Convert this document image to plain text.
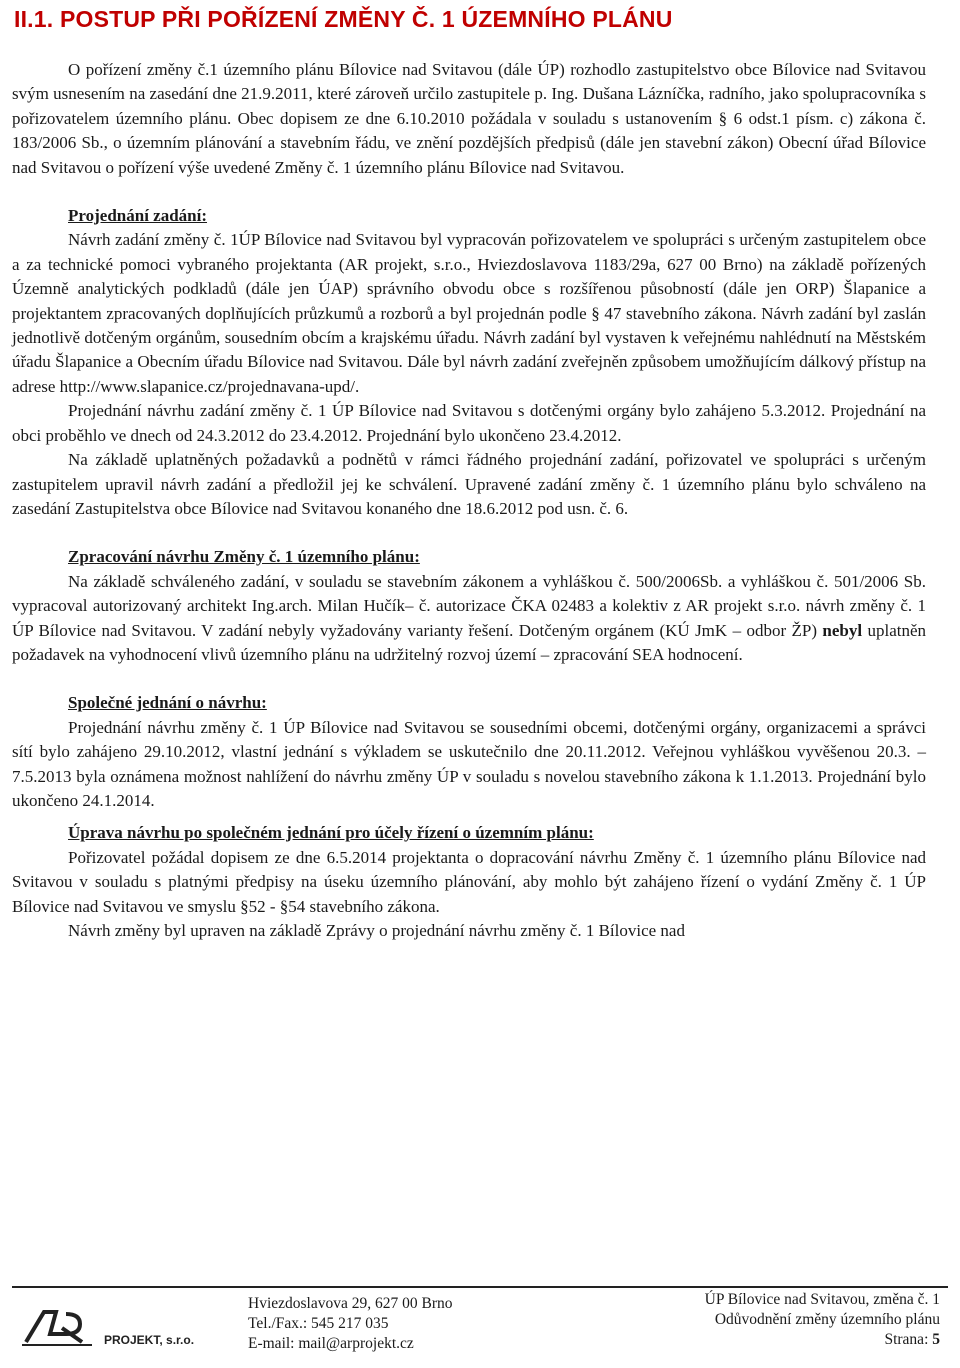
II.1. POSTUP PŘI POŘÍZENÍ ZMĚNY Č. 1 ÚZEMNÍHO PLÁNU

O pořízení změny č.1 územního plánu Bílovice nad Svitavou (dále ÚP) rozhodlo zastupitelstvo obce Bílovice nad Svitavou svým usnesením na zasedání dne 21.9.2011, které zároveň určilo zastupitele p. Ing. Dušana Lázníčka, radního, jako spolupracovníka s pořizovatelem územního plánu. Obec dopisem ze dne 6.10.2010 požádala v souladu s ustanovením § 6 odst.1 písm. c) zákona č. 183/2006 Sb., o územním plánování a stavebním řádu, ve znění pozdějších předpisů (dále jen stavební zákon) Obecní úřad Bílovice nad Svitavou o pořízení výše uvedené Změny č. 1 územního plánu Bílovice nad Svitavou.

Projednání zadání:

Návrh zadání změny č. 1ÚP Bílovice nad Svitavou byl vypracován pořizovatelem ve spolupráci s určeným zastupitelem obce a za technické pomoci vybraného projektanta (AR projekt, s.r.o., Hviezdoslavova 1183/29a, 627 00 Brno) na základě pořízených Územně analytických podkladů (dále jen ÚAP) správního obvodu obce s rozšířenou působností (dále jen ORP) Šlapanice a projektantem zpracovaných doplňujících průzkumů a rozborů a byl projednán podle § 47 stavebního zákona. Návrh zadání byl zaslán jednotlivě dotčeným orgánům, sousedním obcím a krajskému úřadu. Návrh zadání byl vystaven k veřejnému nahlédnutí na Městském úřadu Šlapanice a Obecním úřadu Bílovice nad Svitavou. Dále byl návrh zadání zveřejněn způsobem umožňujícím dálkový přístup na adrese http://www.slapanice.cz/projednavana-upd/.

Projednání návrhu zadání změny č. 1 ÚP Bílovice nad Svitavou s dotčenými orgány bylo zahájeno 5.3.2012. Projednání na obci proběhlo ve dnech od 24.3.2012 do 23.4.2012. Projednání bylo ukončeno 23.4.2012.

Na základě uplatněných požadavků a podnětů v rámci řádného projednání zadání, pořizovatel ve spolupráci s určeným zastupitelem upravil návrh zadání a předložil jej ke schválení. Upravené zadání změny č. 1 územního plánu bylo schváleno na zasedání Zastupitelstva obce Bílovice nad Svitavou konaného dne 18.6.2012 pod usn. č. 6.

Zpracování návrhu Změny č. 1 územního plánu:

Na základě schváleného zadání, v souladu se stavebním zákonem a vyhláškou č. 500/2006Sb. a vyhláškou č. 501/2006 Sb. vypracoval autorizovaný architekt Ing.arch. Milan Hučík– č. autorizace ČKA 02483 a kolektiv z AR projekt s.r.o. návrh změny č. 1 ÚP Bílovice nad Svitavou. V zadání nebyly vyžadovány varianty řešení. Dotčeným orgánem (KÚ JmK – odbor ŽP) nebyl uplatněn požadavek na vyhodnocení vlivů územního plánu na udržitelný rozvoj území – zpracování SEA hodnocení.

Společné jednání o návrhu:

Projednání návrhu změny č. 1 ÚP Bílovice nad Svitavou se sousedními obcemi, dotčenými orgány, organizacemi a správci sítí bylo zahájeno 29.10.2012, vlastní jednání s výkladem se uskutečnilo dne 20.11.2012. Veřejnou vyhláškou vyvěšenou 20.3. – 7.5.2013 byla oznámena možnost nahlížení do návrhu změny ÚP v souladu s novelou stavebního zákona k 1.1.2013. Projednání bylo ukončeno 24.1.2014.

Úprava návrhu po společném jednání pro účely řízení o územním plánu:

Pořizovatel požádal dopisem ze dne 6.5.2014 projektanta o dopracování návrhu Změny č. 1 územního plánu Bílovice nad Svitavou v souladu s platnými předpisy na úseku územního plánování, aby mohlo být zahájeno řízení o vydání Změny č. 1 ÚP Bílovice nad Svitavou ve smyslu §52 - §54 stavebního zákona.

Návrh změny byl upraven na základě Zprávy o projednání návrhu změny č. 1 Bílovice nad

PROJEKT, s.r.o.
Hviezdoslavova 29, 627 00 Brno
Tel./Fax.: 545 217 035
E-mail: mail@arprojekt.cz
ÚP Bílovice nad Svitavou, změna č. 1
Odůvodnění změny územního plánu
Strana: 5
